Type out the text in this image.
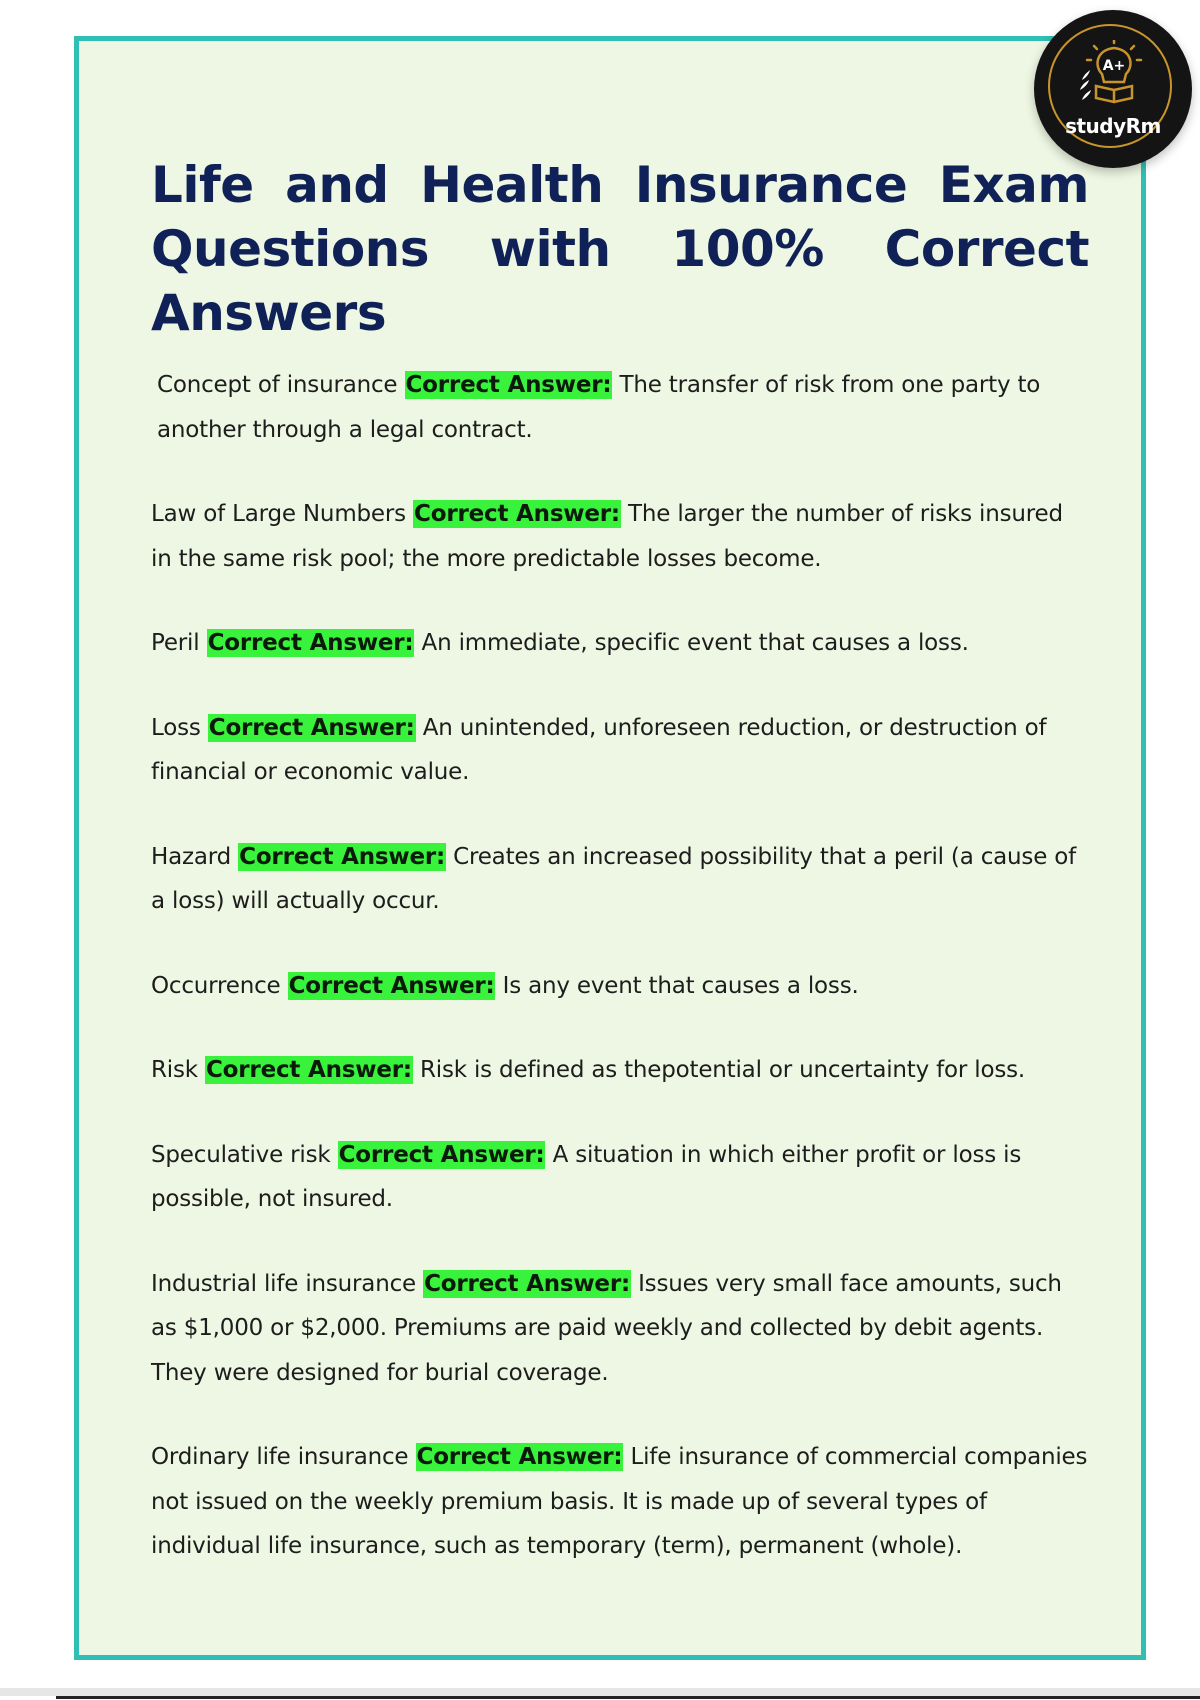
Life and Health Insurance Exam Questions with 100% Correct Answers
Concept of insurance Correct Answer: The transfer of risk from one party to another through a legal contract.
Law of Large Numbers Correct Answer: The larger the number of risks insured in the same risk pool; the more predictable losses become.
Peril Correct Answer: An immediate, specific event that causes a loss.
Loss Correct Answer: An unintended, unforeseen reduction, or destruction of financial or economic value.
Hazard Correct Answer: Creates an increased possibility that a peril (a cause of a loss) will actually occur.
Occurrence Correct Answer: Is any event that causes a loss.
Risk Correct Answer: Risk is defined as thepotential or uncertainty for loss.
Speculative risk Correct Answer: A situation in which either profit or loss is possible, not insured.
Industrial life insurance Correct Answer: Issues very small face amounts, such as $1,000 or $2,000. Premiums are paid weekly and collected by debit agents. They were designed for burial coverage.
Ordinary life insurance Correct Answer: Life insurance of commercial companies not issued on the weekly premium basis. It is made up of several types of individual life insurance, such as temporary (term), permanent (whole).
A+
studyRm
